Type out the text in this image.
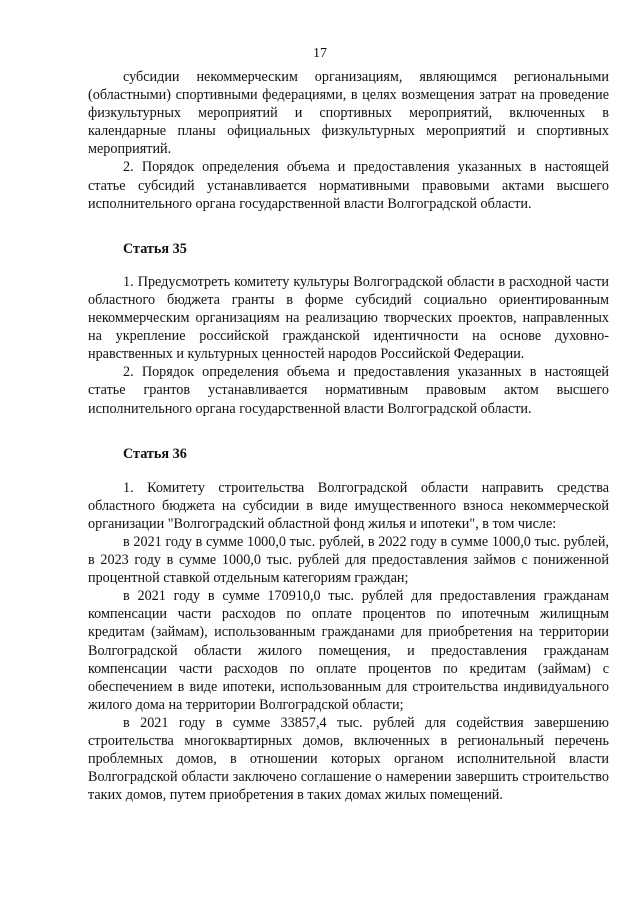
17

субсидии некоммерческим организациям, являющимся региональными (областными) спортивными федерациями, в целях возмещения затрат на проведение физкультурных мероприятий и спортивных мероприятий, включенных в календарные планы официальных физкультурных мероприятий и спортивных мероприятий.

2. Порядок определения объема и предоставления указанных в настоящей статье субсидий устанавливается нормативными правовыми актами высшего исполнительного органа государственной власти Волгоградской области.

Статья 35

1. Предусмотреть комитету культуры Волгоградской области в расходной части областного бюджета гранты в форме субсидий социально ориентированным некоммерческим организациям на реализацию творческих проектов, направленных на укрепление российской гражданской идентичности на основе духовно-нравственных и культурных ценностей народов Российской Федерации.

2. Порядок определения объема и предоставления указанных в настоящей статье грантов устанавливается нормативным правовым актом высшего исполнительного органа государственной власти Волгоградской области.

Статья 36

1. Комитету строительства Волгоградской области направить средства областного бюджета на субсидии в виде имущественного взноса некоммерческой организации "Волгоградский областной фонд жилья и ипотеки", в том числе:

в 2021 году в сумме 1000,0 тыс. рублей, в 2022 году в сумме 1000,0 тыс. рублей, в 2023 году в сумме 1000,0 тыс. рублей для предоставления займов с пониженной процентной ставкой отдельным категориям граждан;

в 2021 году в сумме 170910,0 тыс. рублей для предоставления гражданам компенсации части расходов по оплате процентов по ипотечным жилищным кредитам (займам), использованным гражданами для приобретения на территории Волгоградской области жилого помещения, и предоставления гражданам компенсации части расходов по оплате процентов по кредитам (займам) с обеспечением в виде ипотеки, использованным для строительства индивидуального жилого дома на территории Волгоградской области;

в 2021 году в сумме 33857,4 тыс. рублей для содействия завершению строительства многоквартирных домов, включенных в региональный перечень проблемных домов, в отношении которых органом исполнительной власти Волгоградской области заключено соглашение о намерении завершить строительство таких домов, путем приобретения в таких домах жилых помещений.
